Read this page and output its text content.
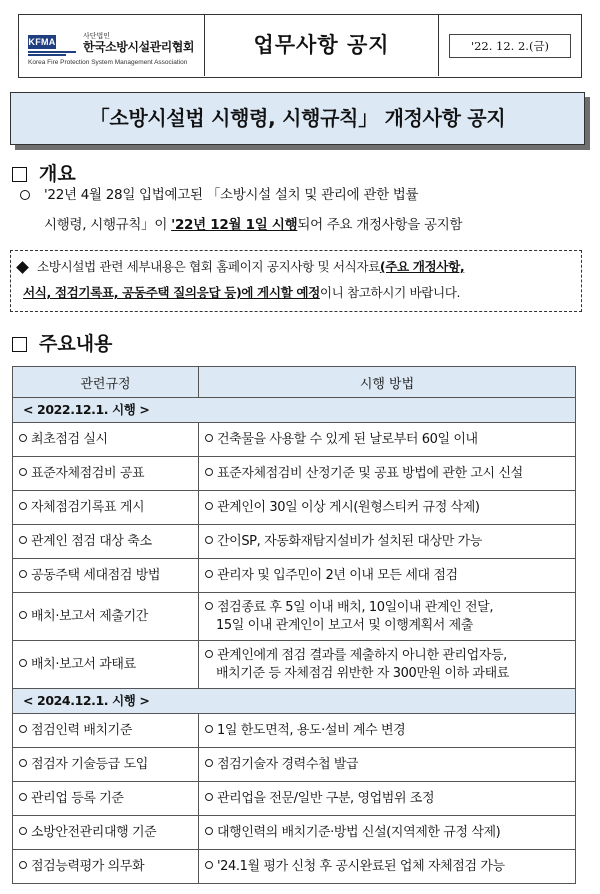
KFMA
사단법인
한국소방시설관리협회
Korea Fire Protection System Management Association
업무사항 공지	'22. 12. 2.(금)
「소방시설법 시행령, 시행규칙」 개정사항 공지
개요
'22년 4월 28일 입법예고된 「소방시설 설치 및 관리에 관한 법률
시행령, 시행규칙」이 '22년 12월 1일 시행되어 주요 개정사항을 공지함
소방시설법 관련 세부내용은 협회 홈페이지 공지사항 및 서식자료(주요 개정사항,
서식, 점검기록표, 공동주택 질의응답 등)에 게시할 예정이니 참고하시기 바랍니다.
주요내용
관련규정	시행 방법
< 2022.12.1. 시행 >	
최초점검 실시	건축물을 사용할 수 있게 된 날로부터 60일 이내
표준자체점검비 공표	표준자체점검비 산정기준 및 공표 방법에 관한 고시 신설
자체점검기록표 게시	관계인이 30일 이상 게시(원형스티커 규정 삭제)
관계인 점검 대상 축소	간이SP, 자동화재탐지설비가 설치된 대상만 가능
공동주택 세대점검 방법	관리자 및 입주민이 2년 이내 모든 세대 점검
배치·보고서 제출기간	점검종료 후 5일 이내 배치, 10일이내 관계인 전달,
15일 이내 관계인이 보고서 및 이행계획서 제출
배치·보고서 과태료	관계인에게 점검 결과를 제출하지 아니한 관리업자등,
배치기준 등 자체점검 위반한 자 300만원 이하 과태료
< 2024.12.1. 시행 >	
점검인력 배치기준	1일 한도면적, 용도·설비 계수 변경
점검자 기술등급 도입	점검기술자 경력수첩 발급
관리업 등록 기준	관리업을 전문/일반 구분, 영업범위 조정
소방안전관리대행 기준	대행인력의 배치기준·방법 신설(지역제한 규정 삭제)
점검능력평가 의무화	'24.1월 평가 신청 후 공시완료된 업체 자체점검 가능
